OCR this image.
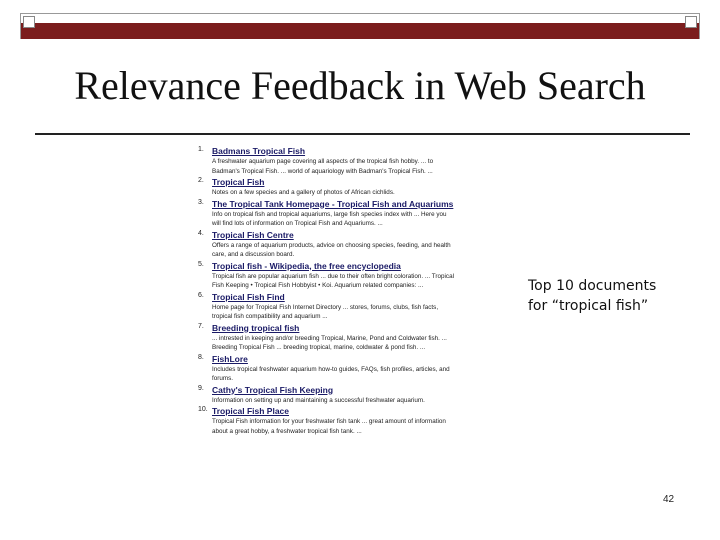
Relevance Feedback in Web Search
1. Badmans Tropical Fish
A freshwater aquarium page covering all aspects of the tropical fish hobby. ... to
Badman's Tropical Fish. ... world of aquariology with Badman's Tropical Fish. ...
2. Tropical Fish
Notes on a few species and a gallery of photos of African cichlids.
3. The Tropical Tank Homepage - Tropical Fish and Aquariums
Info on tropical fish and tropical aquariums, large fish species index with ... Here you
will find lots of information on Tropical Fish and Aquariums. ...
4. Tropical Fish Centre
Offers a range of aquarium products, advice on choosing species, feeding, and health
care, and a discussion board.
5. Tropical fish - Wikipedia, the free encyclopedia
Tropical fish are popular aquarium fish ... due to their often bright coloration. ... Tropical
Fish Keeping • Tropical Fish Hobbyist • Koi. Aquarium related companies: ...
6. Tropical Fish Find
Home page for Tropical Fish Internet Directory ... stores, forums, clubs, fish facts,
tropical fish compatibility and aquarium ...
7. Breeding tropical fish
... intrested in keeping and/or breeding Tropical, Marine, Pond and Coldwater fish. ...
Breeding Tropical Fish ... breeding tropical, marine, coldwater & pond fish. ...
8. FishLore
Includes tropical freshwater aquarium how-to guides, FAQs, fish profiles, articles, and
forums.
9. Cathy's Tropical Fish Keeping
Information on setting up and maintaining a successful freshwater aquarium.
10. Tropical Fish Place
Tropical Fish information for your freshwater fish tank ... great amount of information
about a great hobby, a freshwater tropical fish tank. ...
Top 10 documents
for “tropical fish”
42
